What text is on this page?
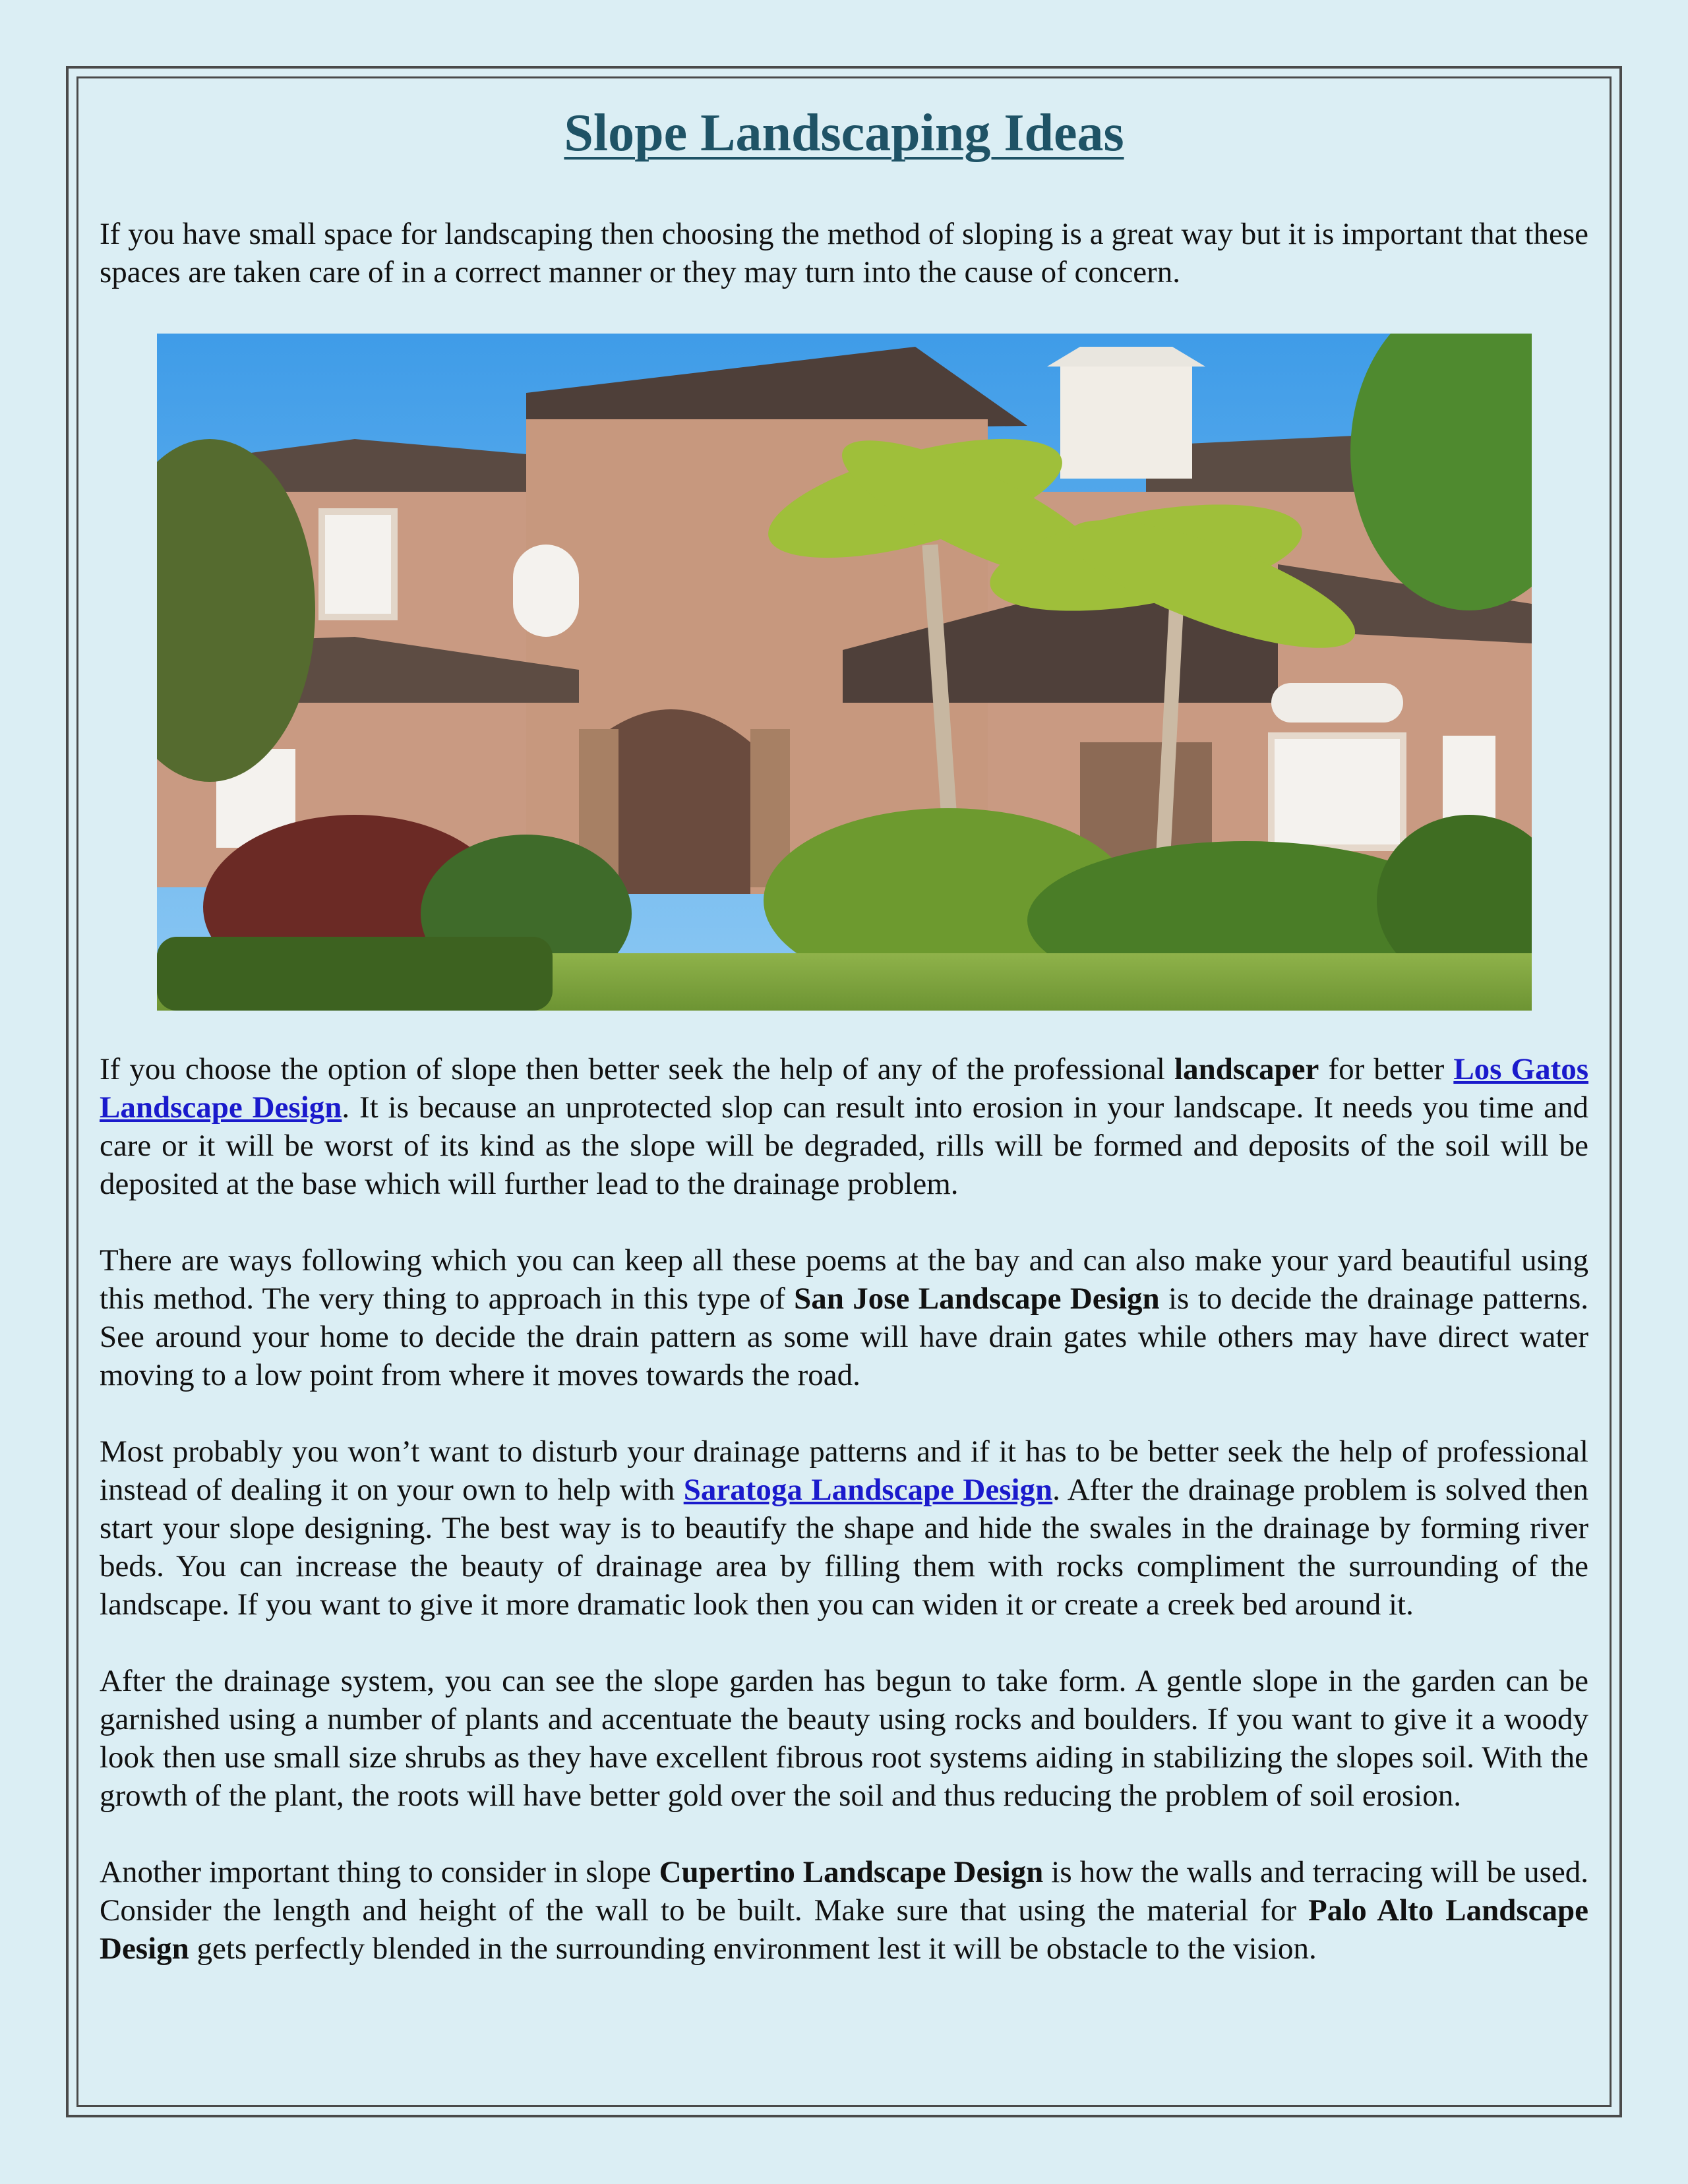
Slope Landscaping Ideas

If you have small space for landscaping then choosing the method of sloping is a great way but it is important that these spaces are taken care of in a correct manner or they may turn into the cause of concern.

If you choose the option of slope then better seek the help of any of the professional landscaper for better Los Gatos Landscape Design. It is because an unprotected slop can result into erosion in your landscape. It needs you time and care or it will be worst of its kind as the slope will be degraded, rills will be formed and deposits of the soil will be deposited at the base which will further lead to the drainage problem.

There are ways following which you can keep all these poems at the bay and can also make your yard beautiful using this method. The very thing to approach in this type of San Jose Landscape Design is to decide the drainage patterns. See around your home to decide the drain pattern as some will have drain gates while others may have direct water moving to a low point from where it moves towards the road.

Most probably you won’t want to disturb your drainage patterns and if it has to be better seek the help of professional instead of dealing it on your own to help with Saratoga Landscape Design. After the drainage problem is solved then start your slope designing. The best way is to beautify the shape and hide the swales in the drainage by forming river beds. You can increase the beauty of drainage area by filling them with rocks compliment the surrounding of the landscape. If you want to give it more dramatic look then you can widen it or create a creek bed around it.

After the drainage system, you can see the slope garden has begun to take form. A gentle slope in the garden can be garnished using a number of plants and accentuate the beauty using rocks and boulders. If you want to give it a woody look then use small size shrubs as they have excellent fibrous root systems aiding in stabilizing the slopes soil. With the growth of the plant, the roots will have better gold over the soil and thus reducing the problem of soil erosion.

Another important thing to consider in slope Cupertino Landscape Design is how the walls and terracing will be used. Consider the length and height of the wall to be built. Make sure that using the material for Palo Alto Landscape Design gets perfectly blended in the surrounding environment lest it will be obstacle to the vision.
